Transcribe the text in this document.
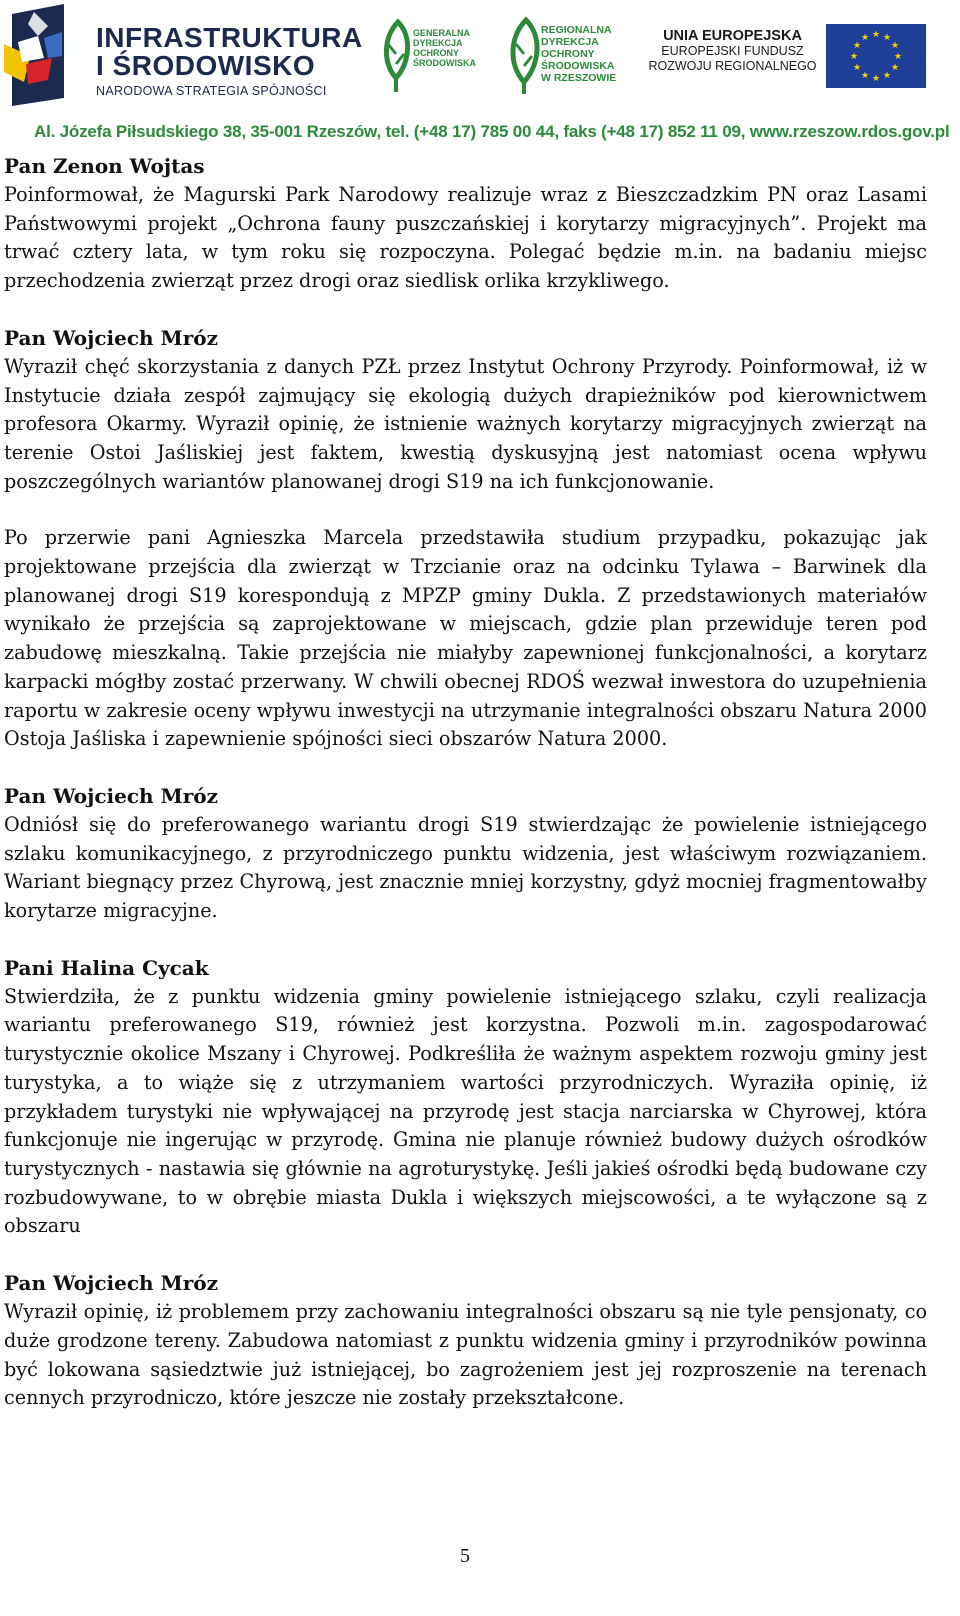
INFRASTRUKTURA
I ŚRODOWISKO
NARODOWA STRATEGIA SPÓJNOŚCI
GENERALNA
DYREKCJA
OCHRONY
ŚRODOWISKA
REGIONALNA
DYREKCJA
OCHRONY
ŚRODOWISKA
W RZESZOWIE
UNIA EUROPEJSKA
EUROPEJSKI FUNDUSZ
ROZWOJU REGIONALNEGO
★ ★
★
★
★
★
★
★
★
★
★
★
Al. Józefa Piłsudskiego 38, 35-001 Rzeszów, tel. (+48 17) 785 00 44, faks (+48 17) 852 11 09, www.rzeszow.rdos.gov.pl
Pan Zenon Wojtas

Poinformował, że Magurski Park Narodowy realizuje wraz z Bieszczadzkim PN oraz Lasami Państwowymi projekt „Ochrona fauny puszczańskiej i korytarzy migracyjnych”. Projekt ma trwać cztery lata, w tym roku się rozpoczyna. Polegać będzie m.in. na badaniu miejsc przechodzenia zwierząt przez drogi oraz siedlisk orlika krzykliwego.

Pan Wojciech Mróz

Wyraził chęć skorzystania z danych PZŁ przez Instytut Ochrony Przyrody. Poinformował, iż w Instytucie działa zespół zajmujący się ekologią dużych drapieżników pod kierownictwem profesora Okarmy. Wyraził opinię, że istnienie ważnych korytarzy migracyjnych zwierząt na terenie Ostoi Jaśliskiej jest faktem, kwestią dyskusyjną jest natomiast ocena wpływu poszczególnych wariantów planowanej drogi S19 na ich funkcjonowanie.

Po przerwie pani Agnieszka Marcela przedstawiła studium przypadku, pokazując jak projektowane przejścia dla zwierząt w Trzcianie oraz na odcinku Tylawa – Barwinek dla planowanej drogi S19 korespondują z MPZP gminy Dukla. Z przedstawionych materiałów wynikało że przejścia są zaprojektowane w miejscach, gdzie plan przewiduje teren pod zabudowę mieszkalną. Takie przejścia nie miałyby zapewnionej funkcjonalności, a korytarz karpacki mógłby zostać przerwany. W chwili obecnej RDOŚ wezwał inwestora do uzupełnienia raportu w zakresie oceny wpływu inwestycji na utrzymanie integralności obszaru Natura 2000 Ostoja Jaśliska i zapewnienie spójności sieci obszarów Natura 2000.

Pan Wojciech Mróz

Odniósł się do preferowanego wariantu drogi S19 stwierdzając że powielenie istniejącego szlaku komunikacyjnego, z przyrodniczego punktu widzenia, jest właściwym rozwiązaniem. Wariant biegnący przez Chyrową, jest znacznie mniej korzystny, gdyż mocniej fragmentowałby korytarze migracyjne.

Pani Halina Cycak

Stwierdziła, że z punktu widzenia gminy powielenie istniejącego szlaku, czyli realizacja wariantu preferowanego S19, również jest korzystna. Pozwoli m.in. zagospodarować turystycznie okolice Mszany i Chyrowej. Podkreśliła że ważnym aspektem rozwoju gminy jest turystyka, a to wiąże się z utrzymaniem wartości przyrodniczych. Wyraziła opinię, iż przykładem turystyki nie wpływającej na przyrodę jest stacja narciarska w Chyrowej, która funkcjonuje nie ingerując w przyrodę. Gmina nie planuje również budowy dużych ośrodków turystycznych - nastawia się głównie na agroturystykę. Jeśli jakieś ośrodki będą budowane czy rozbudowywane, to w obrębie miasta Dukla i większych miejscowości, a te wyłączone są z obszaru

Pan Wojciech Mróz

Wyraził opinię, iż problemem przy zachowaniu integralności obszaru są nie tyle pensjonaty, co duże grodzone tereny. Zabudowa natomiast z punktu widzenia gminy i przyrodników powinna być lokowana sąsiedztwie już istniejącej, bo zagrożeniem jest jej rozproszenie na terenach cennych przyrodniczo, które jeszcze nie zostały przekształcone.

5
